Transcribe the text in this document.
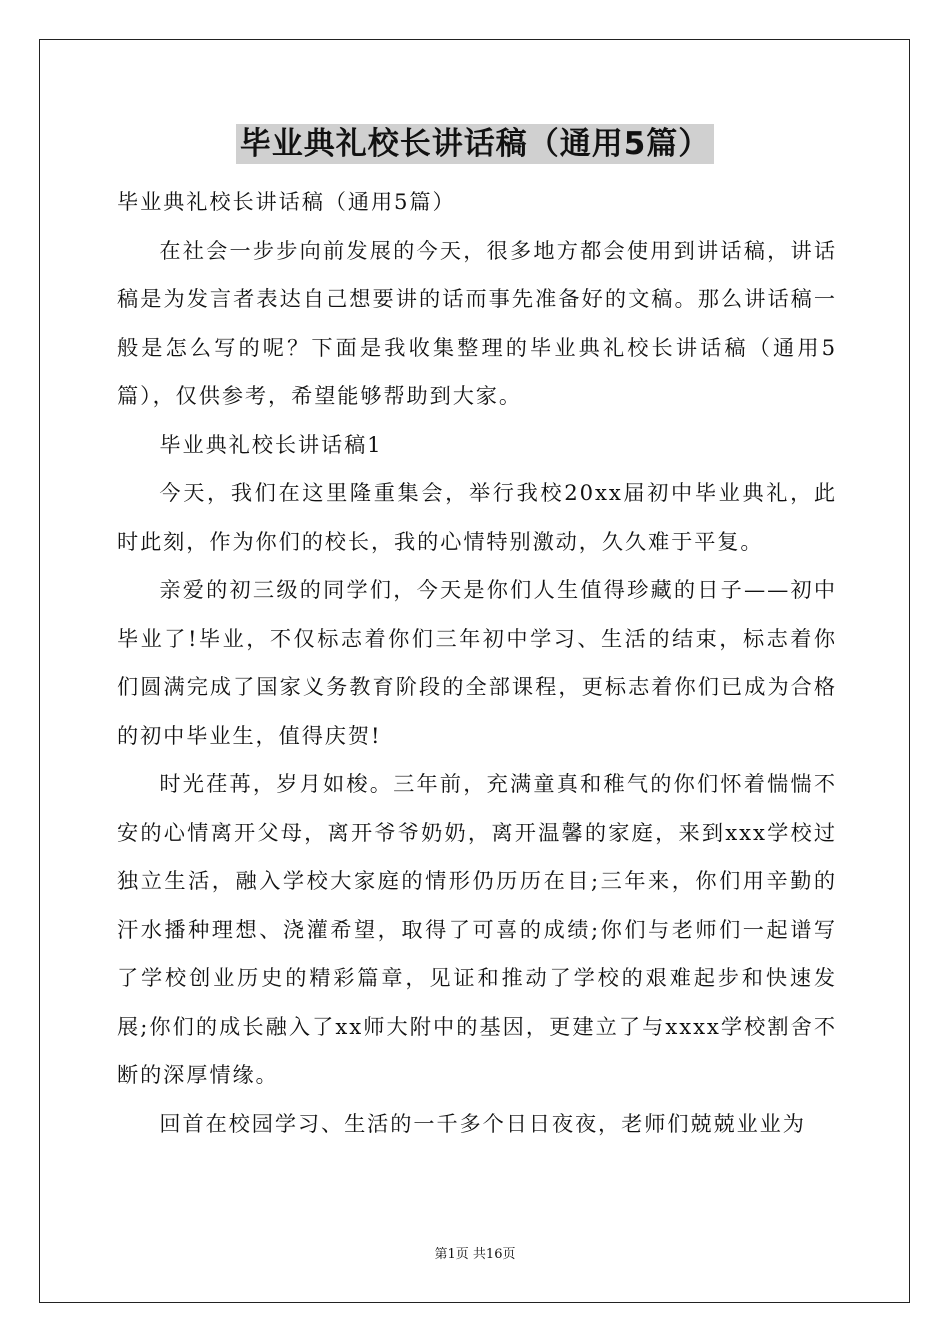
毕业典礼校长讲话稿（通用5篇）

毕业典礼校长讲话稿（通用5篇）

在社会一步步向前发展的今天，很多地方都会使用到讲话稿，讲话稿是为发言者表达自己想要讲的话而事先准备好的文稿。那么讲话稿一般是怎么写的呢？下面是我收集整理的毕业典礼校长讲话稿（通用5篇），仅供参考，希望能够帮助到大家。

毕业典礼校长讲话稿1

今天，我们在这里隆重集会，举行我校20xx届初中毕业典礼，此时此刻，作为你们的校长，我的心情特别激动，久久难于平复。

亲爱的初三级的同学们，今天是你们人生值得珍藏的日子——初中毕业了!毕业，不仅标志着你们三年初中学习、生活的结束，标志着你们圆满完成了国家义务教育阶段的全部课程，更标志着你们已成为合格的初中毕业生，值得庆贺!

时光荏苒，岁月如梭。三年前，充满童真和稚气的你们怀着惴惴不安的心情离开父母，离开爷爷奶奶，离开温馨的家庭，来到xxx学校过独立生活，融入学校大家庭的情形仍历历在目;三年来，你们用辛勤的汗水播种理想、浇灌希望，取得了可喜的成绩;你们与老师们一起谱写了学校创业历史的精彩篇章，见证和推动了学校的艰难起步和快速发展;你们的成长融入了xx师大附中的基因，更建立了与xxxx学校割舍不断的深厚情缘。

回首在校园学习、生活的一千多个日日夜夜，老师们兢兢业业为

第1页 共16页
